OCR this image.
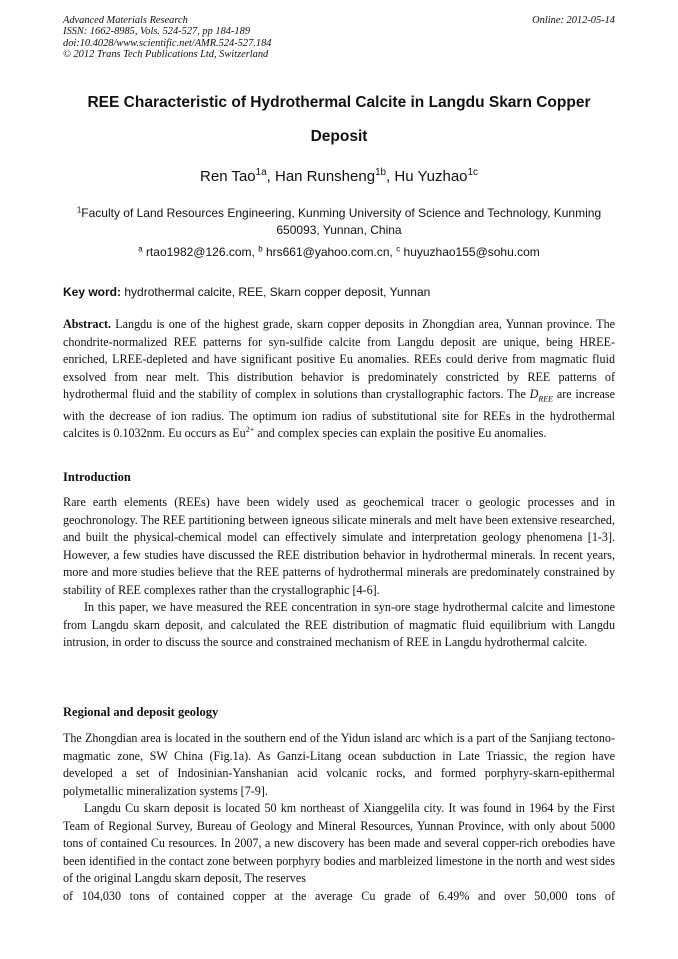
Advanced Materials Research
ISSN: 1662-8985, Vols. 524-527, pp 184-189
doi:10.4028/www.scientific.net/AMR.524-527.184
© 2012 Trans Tech Publications Ltd, Switzerland
Online: 2012-05-14
REE Characteristic of Hydrothermal Calcite in Langdu Skarn Copper
Deposit

Ren Tao$^{1a}$, Han Runsheng$^{1b}$, Hu Yuzhao$^{1c}$

$^1$Faculty of Land Resources Engineering, Kunming University of Science and Technology, Kunming
650093, Yunnan, China

$^a$ rtao1982@126.com, $^b$ hrs661@yahoo.com.cn, $^c$ huyuzhao155@sohu.com

Key word: hydrothermal calcite, REE, Skarn copper deposit, Yunnan

Abstract. Langdu is one of the highest grade, skarn copper deposits in Zhongdian area, Yunnan province. The chondrite-normalized REE patterns for syn-sulfide calcite from Langdu deposit are unique, being HREE-enriched, LREE-depleted and have significant positive Eu anomalies. REEs could derive from magmatic fluid exsolved from near melt. This distribution behavior is predominately constricted by REE patterns of hydrothermal fluid and the stability of complex in solutions than crystallographic factors. The $D_{REE}$ are increase with the decrease of ion radius. The optimum ion radius of substitutional site for REEs in the hydrothermal calcites is 0.1032nm. Eu occurs as $Eu^{2+}$ and complex species can explain the positive Eu anomalies.

Introduction

Rare earth elements (REEs) have been widely used as geochemical tracer o geologic processes and in geochronology. The REE partitioning between igneous silicate minerals and melt have been extensive researched, and built the physical-chemical model can effectively simulate and interpretation geology phenomena [1-3]. However, a few studies have discussed the REE distribution behavior in hydrothermal minerals. In recent years, more and more studies believe that the REE patterns of hydrothermal minerals are predominately constrained by stability of REE complexes rather than the crystallographic [4-6].

In this paper, we have measured the REE concentration in syn-ore stage hydrothermal calcite and limestone from Langdu skarn deposit, and calculated the REE distribution of magmatic fluid equilibrium with Langdu intrusion, in order to discuss the source and constrained mechanism of REE in Langdu hydrothermal calcite.

Regional and deposit geology

The Zhongdian area is located in the southern end of the Yidun island arc which is a part of the Sanjiang tectono-magmatic zone, SW China (Fig.1a). As Ganzi-Litang ocean subduction in Late Triassic, the region have developed a set of Indosinian-Yanshanian acid volcanic rocks, and formed porphyry-skarn-epithermal polymetallic mineralization systems [7-9].

Langdu Cu skarn deposit is located 50 km northeast of Xianggelila city. It was found in 1964 by the First Team of Regional Survey, Bureau of Geology and Mineral Resources, Yunnan Province, with only about 5000 tons of contained Cu resources. In 2007, a new discovery has been made and several copper-rich orebodies have been identified in the contact zone between porphyry bodies and marbleized limestone in the north and west sides of the original Langdu skarn deposit, The reserves

of 104,030 tons of contained copper at the average Cu grade of 6.49% and over 50,000 tons of
